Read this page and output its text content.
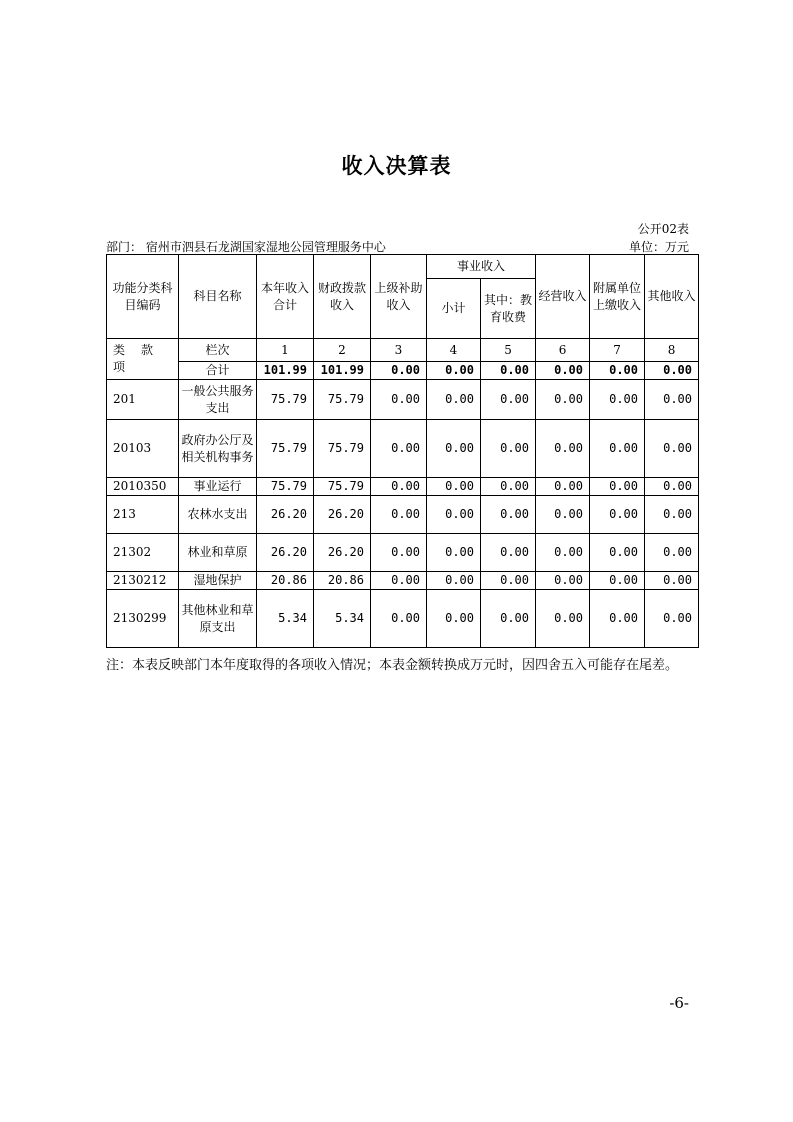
收入决算表
公开02表
部门： 宿州市泗县石龙湖国家湿地公园管理服务中心	单位：万元
功能分类科目编码	科目名称	本年收入合计	财政拨款收入	上级补助收入	事业收入		经营收入	附属单位上缴收入	其他收入
					小计	其中：教育收费			

类 款项	栏次	1	2	3	4	5	6	7	8
	合计	101.99	101.99	0.00	0.00	0.00	0.00	0.00	0.00
201	一般公共服务支出	75.79	75.79	0.00	0.00	0.00	0.00	0.00	0.00
20103	政府办公厅及相关机构事务	75.79	75.79	0.00	0.00	0.00	0.00	0.00	0.00
2010350	事业运行	75.79	75.79	0.00	0.00	0.00	0.00	0.00	0.00
213	农林水支出	26.20	26.20	0.00	0.00	0.00	0.00	0.00	0.00
21302	林业和草原	26.20	26.20	0.00	0.00	0.00	0.00	0.00	0.00
2130212	湿地保护	20.86	20.86	0.00	0.00	0.00	0.00	0.00	0.00
2130299	其他林业和草原支出	5.34	5.34	0.00	0.00	0.00	0.00	0.00	0.00
注：本表反映部门本年度取得的各项收入情况；本表金额转换成万元时，因四舍五入可能存在尾差。
-6-
